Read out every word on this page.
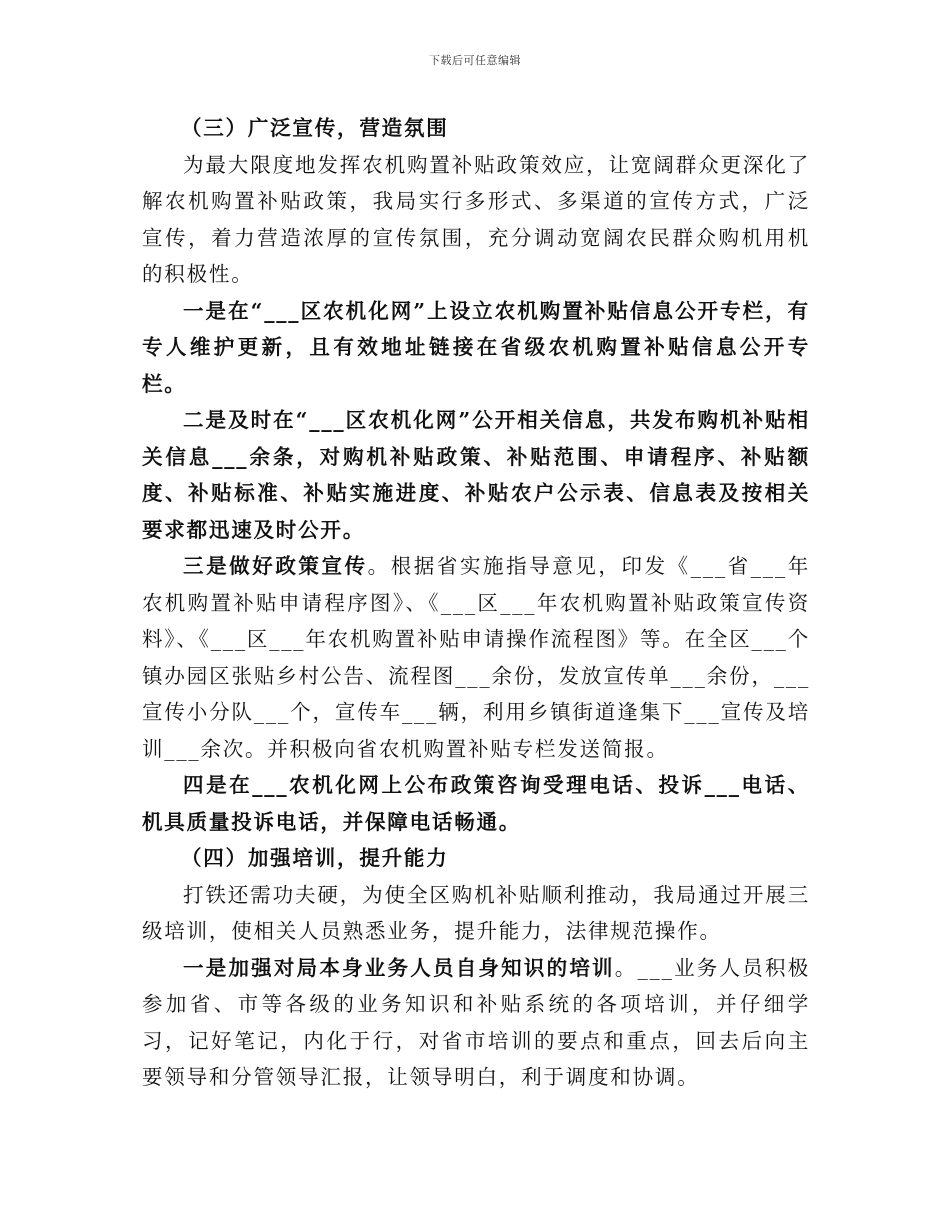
下载后可任意编辑

（三）广泛宣传，营造氛围

为最大限度地发挥农机购置补贴政策效应，让宽阔群众更深化了解农机购置补贴政策，我局实行多形式、多渠道的宣传方式，广泛宣传，着力营造浓厚的宣传氛围，充分调动宽阔农民群众购机用机的积极性。

一是在“___区农机化网”上设立农机购置补贴信息公开专栏，有专人维护更新，且有效地址链接在省级农机购置补贴信息公开专栏。

二是及时在“___区农机化网”公开相关信息，共发布购机补贴相关信息___余条，对购机补贴政策、补贴范围、申请程序、补贴额度、补贴标准、补贴实施进度、补贴农户公示表、信息表及按相关要求都迅速及时公开。

三是做好政策宣传。根据省实施指导意见，印发《___省___年农机购置补贴申请程序图》、《___区___年农机购置补贴政策宣传资料》、《___区___年农机购置补贴申请操作流程图》等。在全区___个镇办园区张贴乡村公告、流程图___余份，发放宣传单___余份，___宣传小分队___个，宣传车___辆，利用乡镇街道逢集下___宣传及培训___余次。并积极向省农机购置补贴专栏发送简报。

四是在___农机化网上公布政策咨询受理电话、投诉___电话、机具质量投诉电话，并保障电话畅通。

（四）加强培训，提升能力

打铁还需功夫硬，为使全区购机补贴顺利推动，我局通过开展三级培训，使相关人员熟悉业务，提升能力，法律规范操作。

一是加强对局本身业务人员自身知识的培训。___业务人员积极参加省、市等各级的业务知识和补贴系统的各项培训，并仔细学习，记好笔记，内化于行，对省市培训的要点和重点，回去后向主要领导和分管领导汇报，让领导明白，利于调度和协调。
